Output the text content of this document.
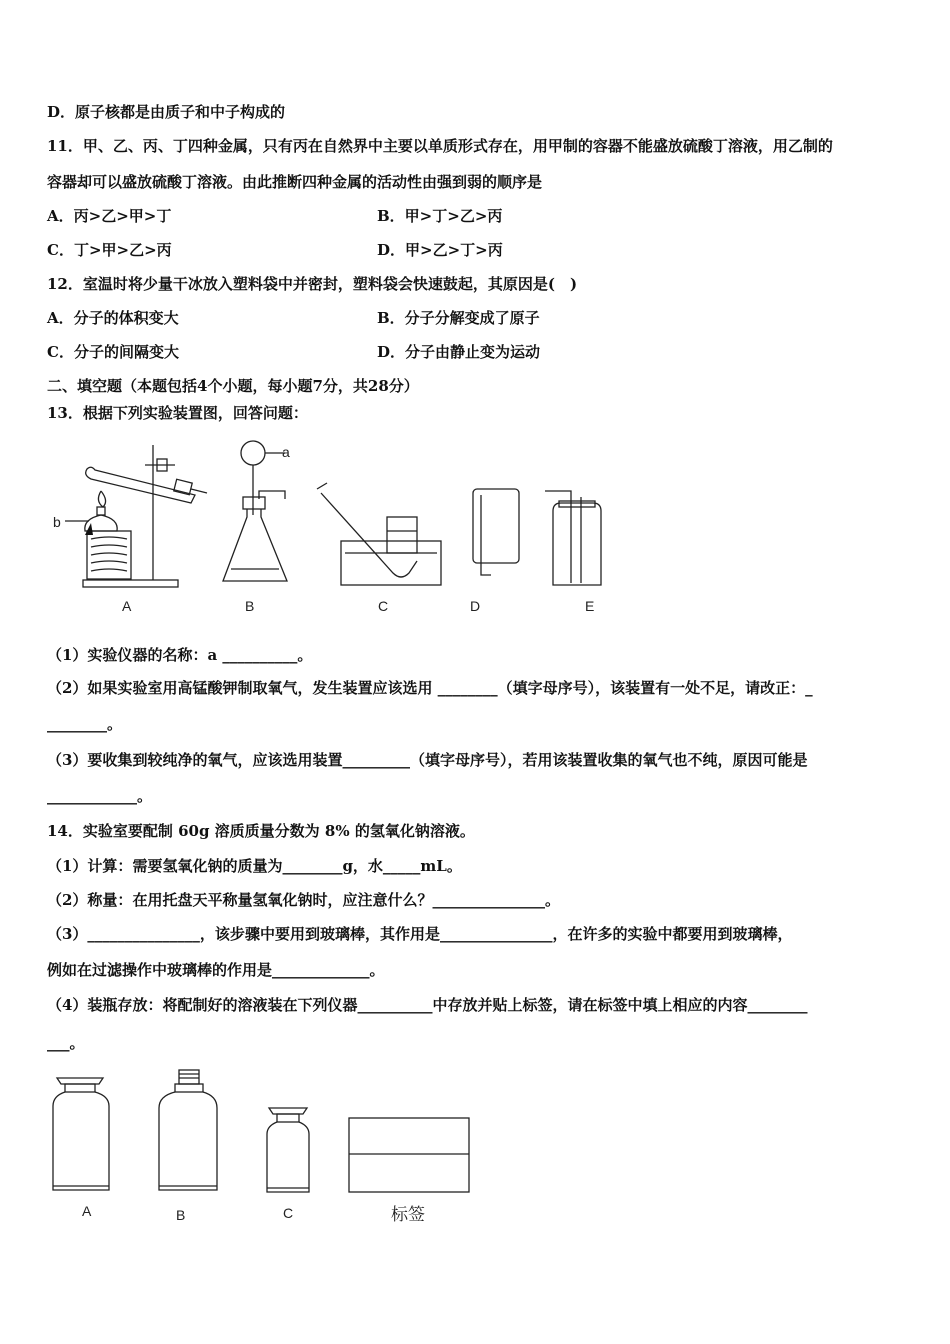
D．原子核都是由质子和中子构成的
11．甲、乙、丙、丁四种金属，只有丙在自然界中主要以单质形式存在，用甲制的容器不能盛放硫酸丁溶液，用乙制的
容器却可以盛放硫酸丁溶液。由此推断四种金属的活动性由强到弱的顺序是
A．丙>乙>甲>丁	B．甲>丁>乙>丙
C．丁>甲>乙>丙	D．甲>乙>丁>丙
12．室温时将少量干冰放入塑料袋中并密封，塑料袋会快速鼓起，其原因是(　)
A．分子的体积变大	B．分子分解变成了原子
C．分子的间隔变大	D．分子由静止变为运动
二、填空题（本题包括4个小题，每小题7分，共28分）
13．根据下列实验装置图，回答问题：
a
b
A	B	C	D	E
（1）实验仪器的名称：a __________。
（2）如果实验室用高锰酸钾制取氧气，发生装置应该选用 ________（填字母序号），该装置有一处不足，请改正：_
________。
（3）要收集到较纯净的氧气，应该选用装置_________（填字母序号），若用该装置收集的氧气也不纯，原因可能是
____________。
14．实验室要配制 60g 溶质质量分数为 8% 的氢氧化钠溶液。
（1）计算：需要氢氧化钠的质量为________g，水_____mL。
（2）称量：在用托盘天平称量氢氧化钠时，应注意什么？_______________。
（3）_______________，该步骤中要用到玻璃棒，其作用是_______________，在许多的实验中都要用到玻璃棒，
例如在过滤操作中玻璃棒的作用是_____________。
（4）装瓶存放：将配制好的溶液装在下列仪器__________中存放并贴上标签，请在标签中填上相应的内容________
___。
A	B	C	标签
